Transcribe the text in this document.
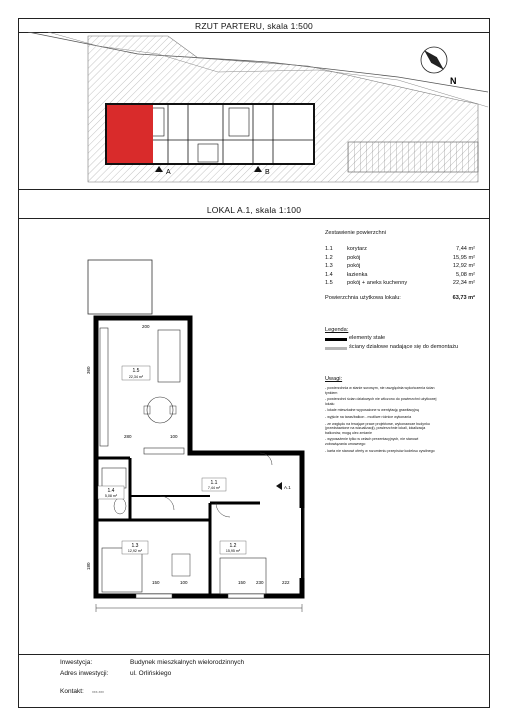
RZUT PARTERU, skala 1:500
A	B
N
LOKAL A.1, skala 1:100
1.5
22,34 m²
1.4
5,08 m²
1.1
7,44 m²
1.3
12,92 m²
1.2
15,95 m²
A.1
200
360
280	100
180
150	100	150 230	222
Zestawienie powierzchni
1.1	korytarz	7,44 m²
1.2	pokój	15,95 m²
1.3	pokój	12,92 m²
1.4	łazienka	5,08 m²
1.5	pokój + aneks kuchenny	22,34 m²
Powierzchnia użytkowa lokalu:	63,73 m²
Legenda:
elementy stałe
ściany działowe nadające się do demontażu
Uwagi:
- powierzchnia w stanie surowym, nie uwzględnia wykończenia ścian tynkiem
- powierzchni ścian działowych nie wliczono do powierzchni użytkowej lokalu
- lokale mieszkalne wyposażone w wentylację grawitacyjną
- wyjście na taras/balkon - możliwe różnice wykonania
- ze względu na trwające prace projektowe, wykonawcze budynku (przedstawione na wizualizacji), powierzchnie lokali, lokalizacja balkonów, mogą ulec zmianie
- wyposażenie tylko w celach prezentacyjnych, nie stanowi zobowiązania umownego
- karta nie stanowi oferty w rozumieniu przepisów kodeksu cywilnego
Inwestycja:	Budynek mieszkalnych wielorodzinnych
Adres inwestycji:	ul. Orlińskiego
Kontakt: xxx-xxx
